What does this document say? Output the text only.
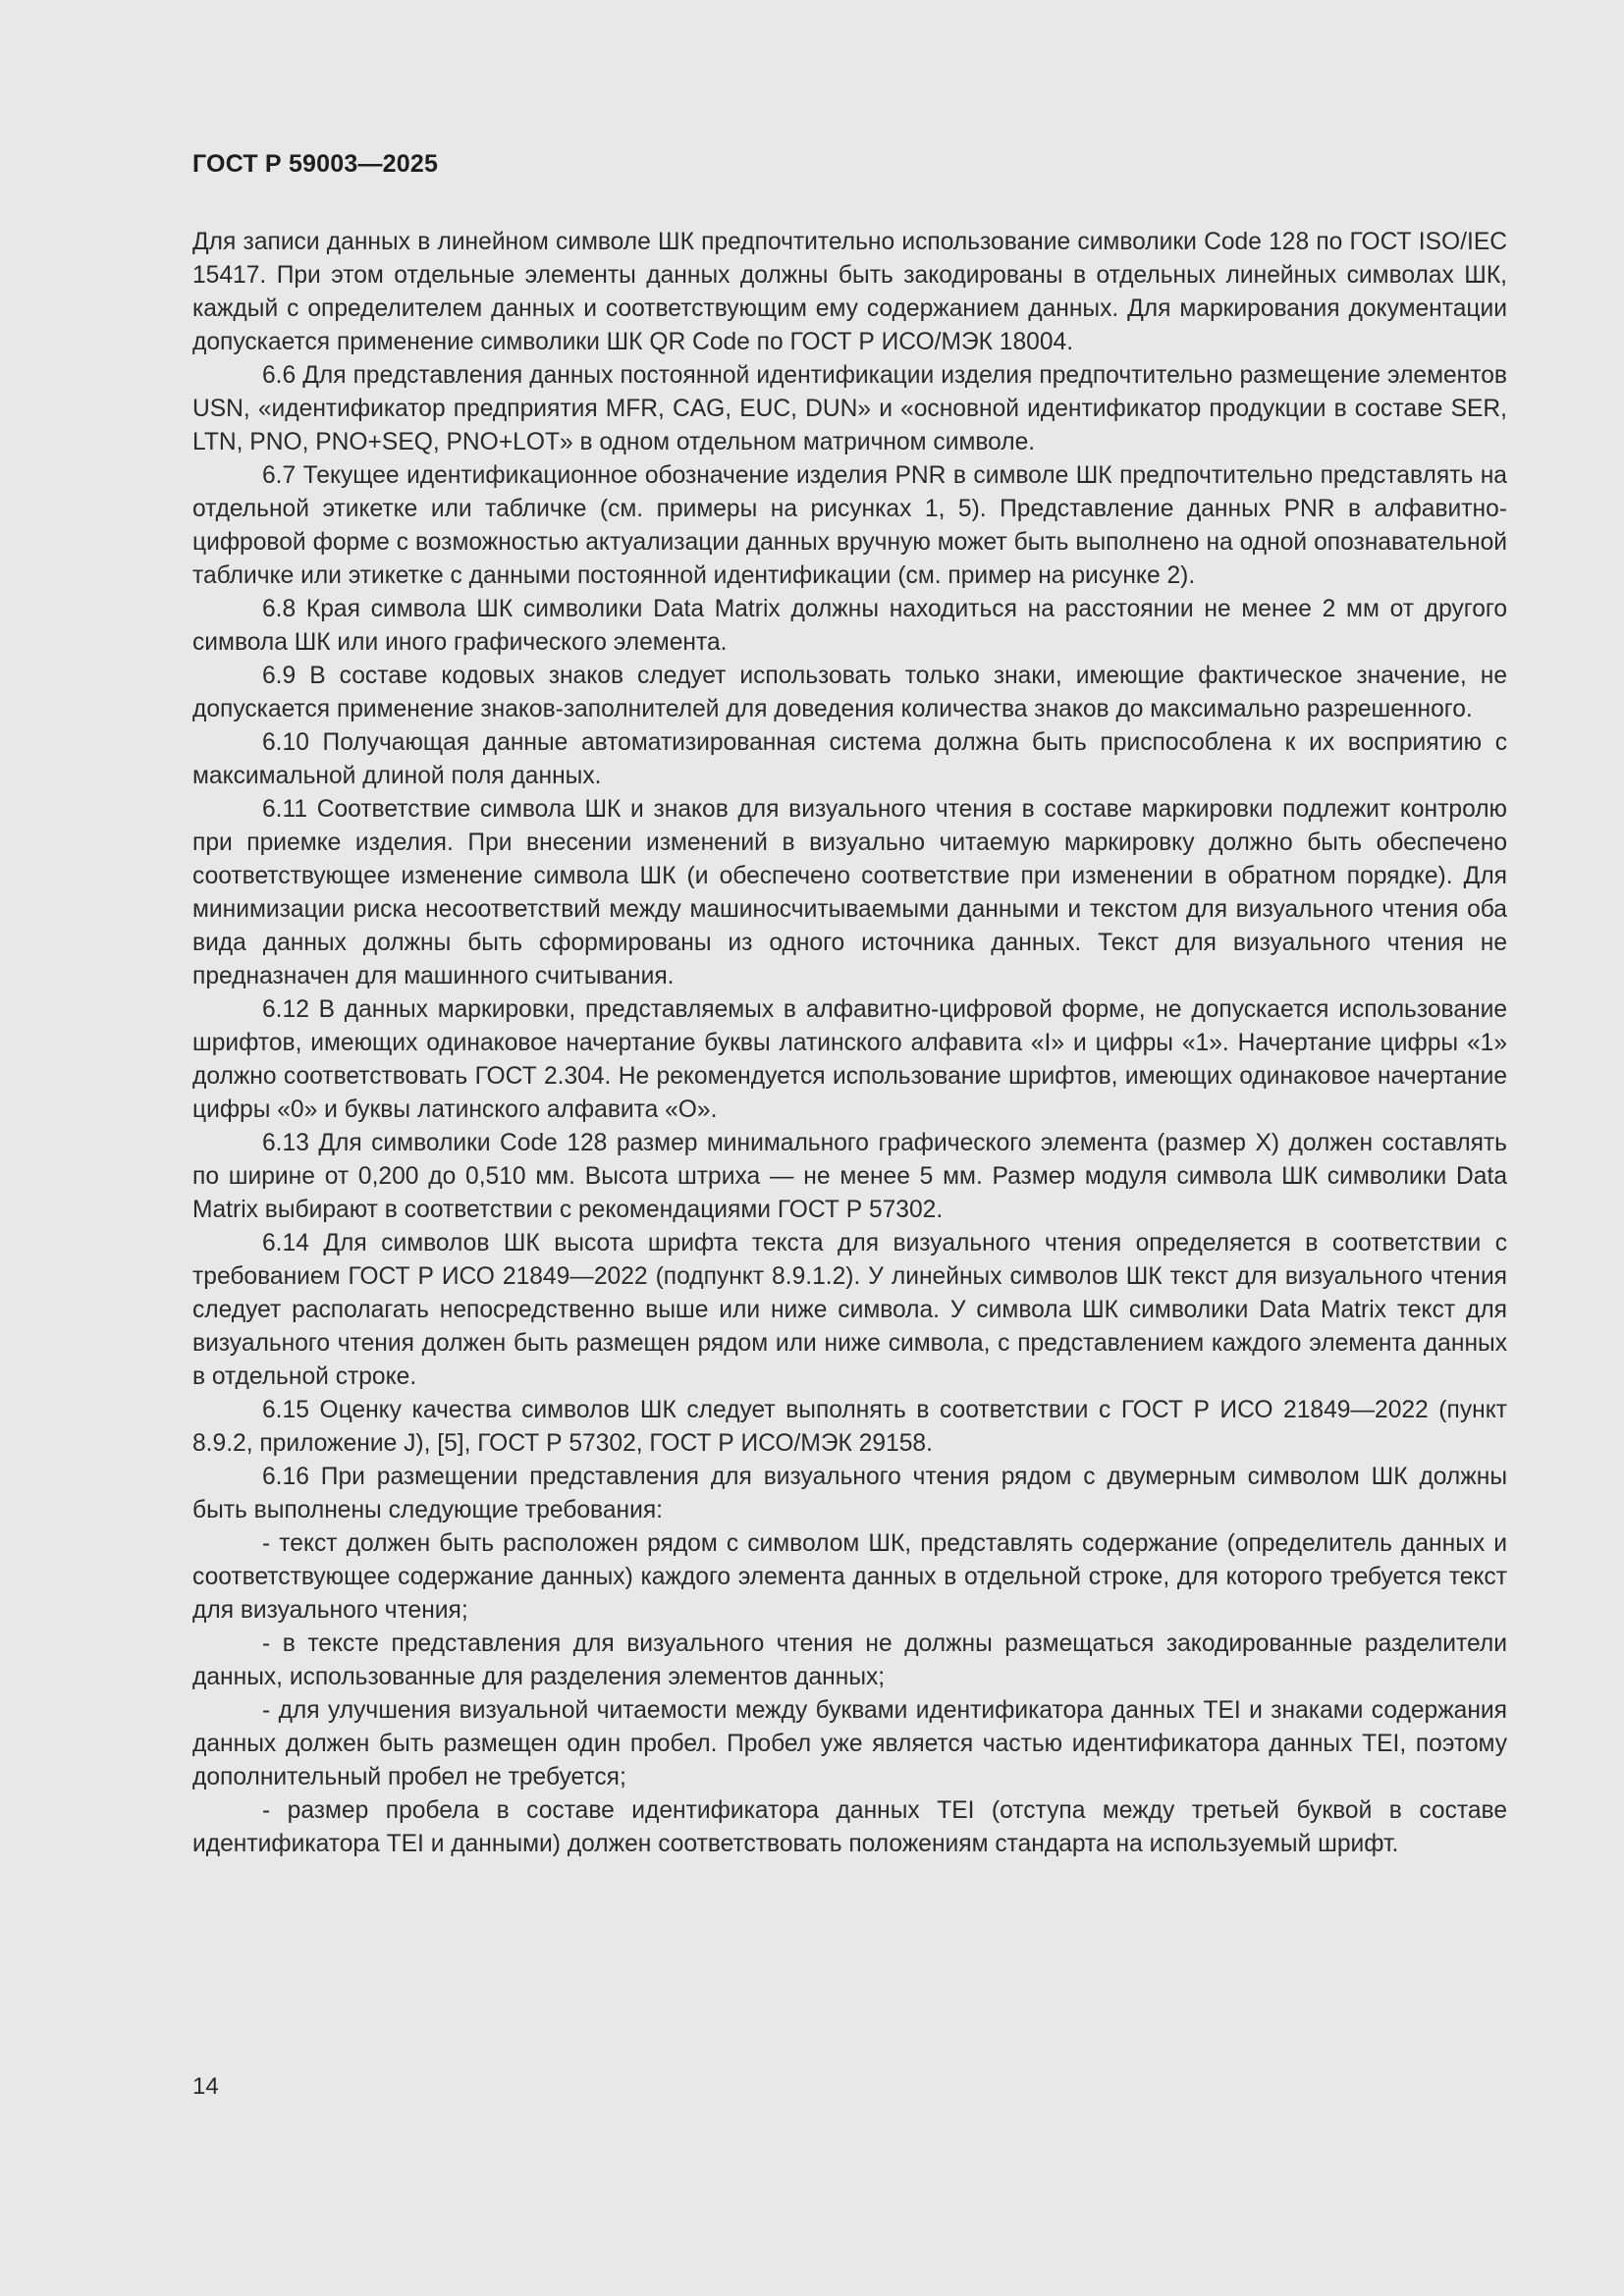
ГОСТ Р 59003—2025

Для записи данных в линейном символе ШК предпочтительно использование символики Code 128 по ГОСТ ISO/IEC 15417. При этом отдельные элементы данных должны быть закодированы в отдельных линейных символах ШК, каждый с определителем данных и соответствующим ему содержанием данных. Для маркирования документации допускается применение символики ШК QR Code по ГОСТ Р ИСО/МЭК 18004.

6.6 Для представления данных постоянной идентификации изделия предпочтительно размещение элементов USN, «идентификатор предприятия MFR, CAG, EUC, DUN» и «основной идентификатор продукции в составе SER, LTN, PNO, PNO+SEQ, PNO+LOT» в одном отдельном матричном символе.

6.7 Текущее идентификационное обозначение изделия PNR в символе ШК предпочтительно представлять на отдельной этикетке или табличке (см. примеры на рисунках 1, 5). Представление данных PNR в алфавитно-цифровой форме с возможностью актуализации данных вручную может быть выполнено на одной опознавательной табличке или этикетке с данными постоянной идентификации (см. пример на рисунке 2).

6.8 Края символа ШК символики Data Matrix должны находиться на расстоянии не менее 2 мм от другого символа ШК или иного графического элемента.

6.9 В составе кодовых знаков следует использовать только знаки, имеющие фактическое значение, не допускается применение знаков-заполнителей для доведения количества знаков до максимально разрешенного.

6.10 Получающая данные автоматизированная система должна быть приспособлена к их восприятию с максимальной длиной поля данных.

6.11 Соответствие символа ШК и знаков для визуального чтения в составе маркировки подлежит контролю при приемке изделия. При внесении изменений в визуально читаемую маркировку должно быть обеспечено соответствующее изменение символа ШК (и обеспечено соответствие при изменении в обратном порядке). Для минимизации риска несоответствий между машиносчитываемыми данными и текстом для визуального чтения оба вида данных должны быть сформированы из одного источника данных. Текст для визуального чтения не предназначен для машинного считывания.

6.12 В данных маркировки, представляемых в алфавитно-цифровой форме, не допускается использование шрифтов, имеющих одинаковое начертание буквы латинского алфавита «I» и цифры «1». Начертание цифры «1» должно соответствовать ГОСТ 2.304. Не рекомендуется использование шрифтов, имеющих одинаковое начертание цифры «0» и буквы латинского алфавита «O».

6.13 Для символики Code 128 размер минимального графического элемента (размер X) должен составлять по ширине от 0,200 до 0,510 мм. Высота штриха — не менее 5 мм. Размер модуля символа ШК символики Data Matrix выбирают в соответствии с рекомендациями ГОСТ Р 57302.

6.14 Для символов ШК высота шрифта текста для визуального чтения определяется в соответствии с требованием ГОСТ Р ИСО 21849—2022 (подпункт 8.9.1.2). У линейных символов ШК текст для визуального чтения следует располагать непосредственно выше или ниже символа. У символа ШК символики Data Matrix текст для визуального чтения должен быть размещен рядом или ниже символа, с представлением каждого элемента данных в отдельной строке.

6.15 Оценку качества символов ШК следует выполнять в соответствии с ГОСТ Р ИСО 21849—2022 (пункт 8.9.2, приложение J), [5], ГОСТ Р 57302, ГОСТ Р ИСО/МЭК 29158.

6.16 При размещении представления для визуального чтения рядом с двумерным символом ШК должны быть выполнены следующие требования:

- текст должен быть расположен рядом с символом ШК, представлять содержание (определитель данных и соответствующее содержание данных) каждого элемента данных в отдельной строке, для которого требуется текст для визуального чтения;

- в тексте представления для визуального чтения не должны размещаться закодированные разделители данных, использованные для разделения элементов данных;

- для улучшения визуальной читаемости между буквами идентификатора данных TEI и знаками содержания данных должен быть размещен один пробел. Пробел уже является частью идентификатора данных TEI, поэтому дополнительный пробел не требуется;

- размер пробела в составе идентификатора данных TEI (отступа между третьей буквой в составе идентификатора TEI и данными) должен соответствовать положениям стандарта на используемый шрифт.

14
